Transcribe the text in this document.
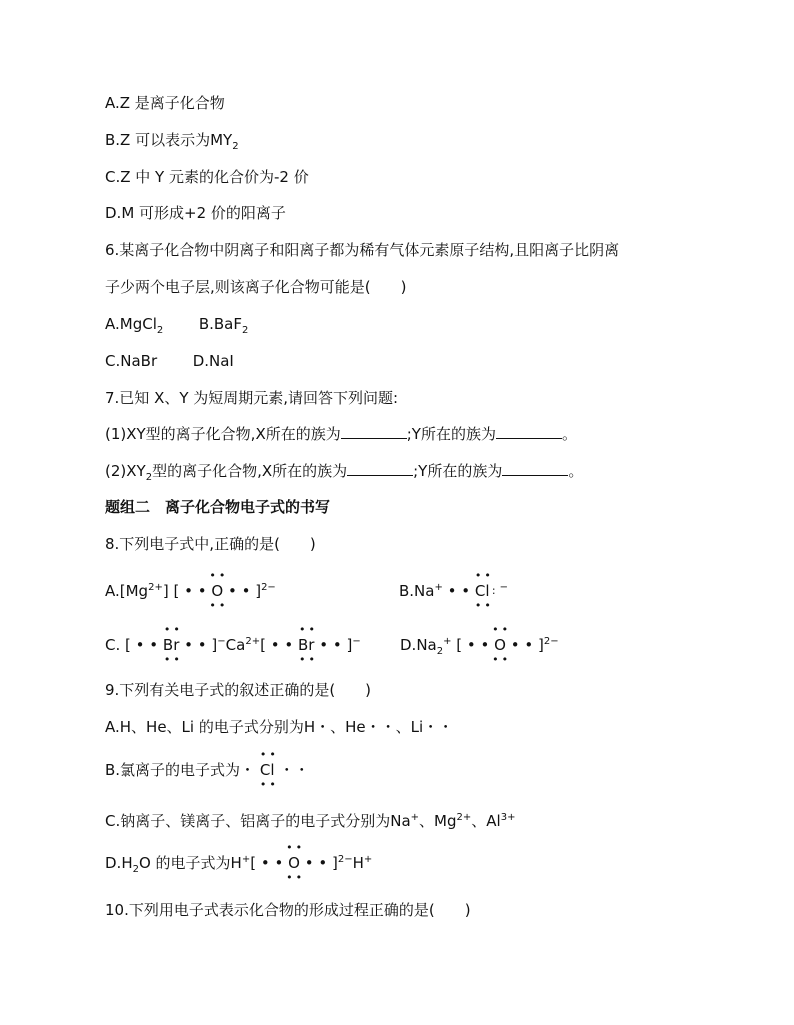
A.Z 是离子化合物
B.Z 可以表示为$MY_2$
C.Z 中 Y 元素的化合价为-2 价
D.M 可形成+2 价的阳离子
6.某离子化合物中阴离子和阳离子都为稀有气体元素原子结构,且阳离子比阴离
子少两个电子层,则该离子化合物可能是(　　)
A.MgCl$_2$ B.BaF$_2$
C.NaBr D.NaI
7.已知 X、Y 为短周期元素,请回答下列问题:
(1)XY型的离子化合物,X所在的族为	;Y所在的族为	。
$(2)XY_2$型的离子化合物,X所在的族为	;Y所在的族为	。
题组二　离子化合物电子式的书写
8.下列电子式中,正确的是(　　)
$A.[Mg^{2+}]$ [ • • O
••
••
• • ]$^{2-}$	B.Na+ • • Cl
••
••
: −
C. [ • • Br
••
••
• • ]$^-Ca^{2+}$[ • • Br
••
••
• • ]−	$D.Na_2^+$ [ • • O
••
••
• • ]$^{2-}$
9.下列有关电子式的叙述正确的是(　　)
A.H、He、Li 的电子式分别为H・、He・・、Li・・
B.氯离子的电子式为・ Cl
••
••
・・
C.钠离子、镁离子、铝离子的电子式分别为Na+、$Mg^{2+}$、$Al^{3+}$
$D.H_2O$ 的电子式为H+[ • • O
••
••
• • ]$^{2-}$H+
10.下列用电子式表示化合物的形成过程正确的是(　　)
